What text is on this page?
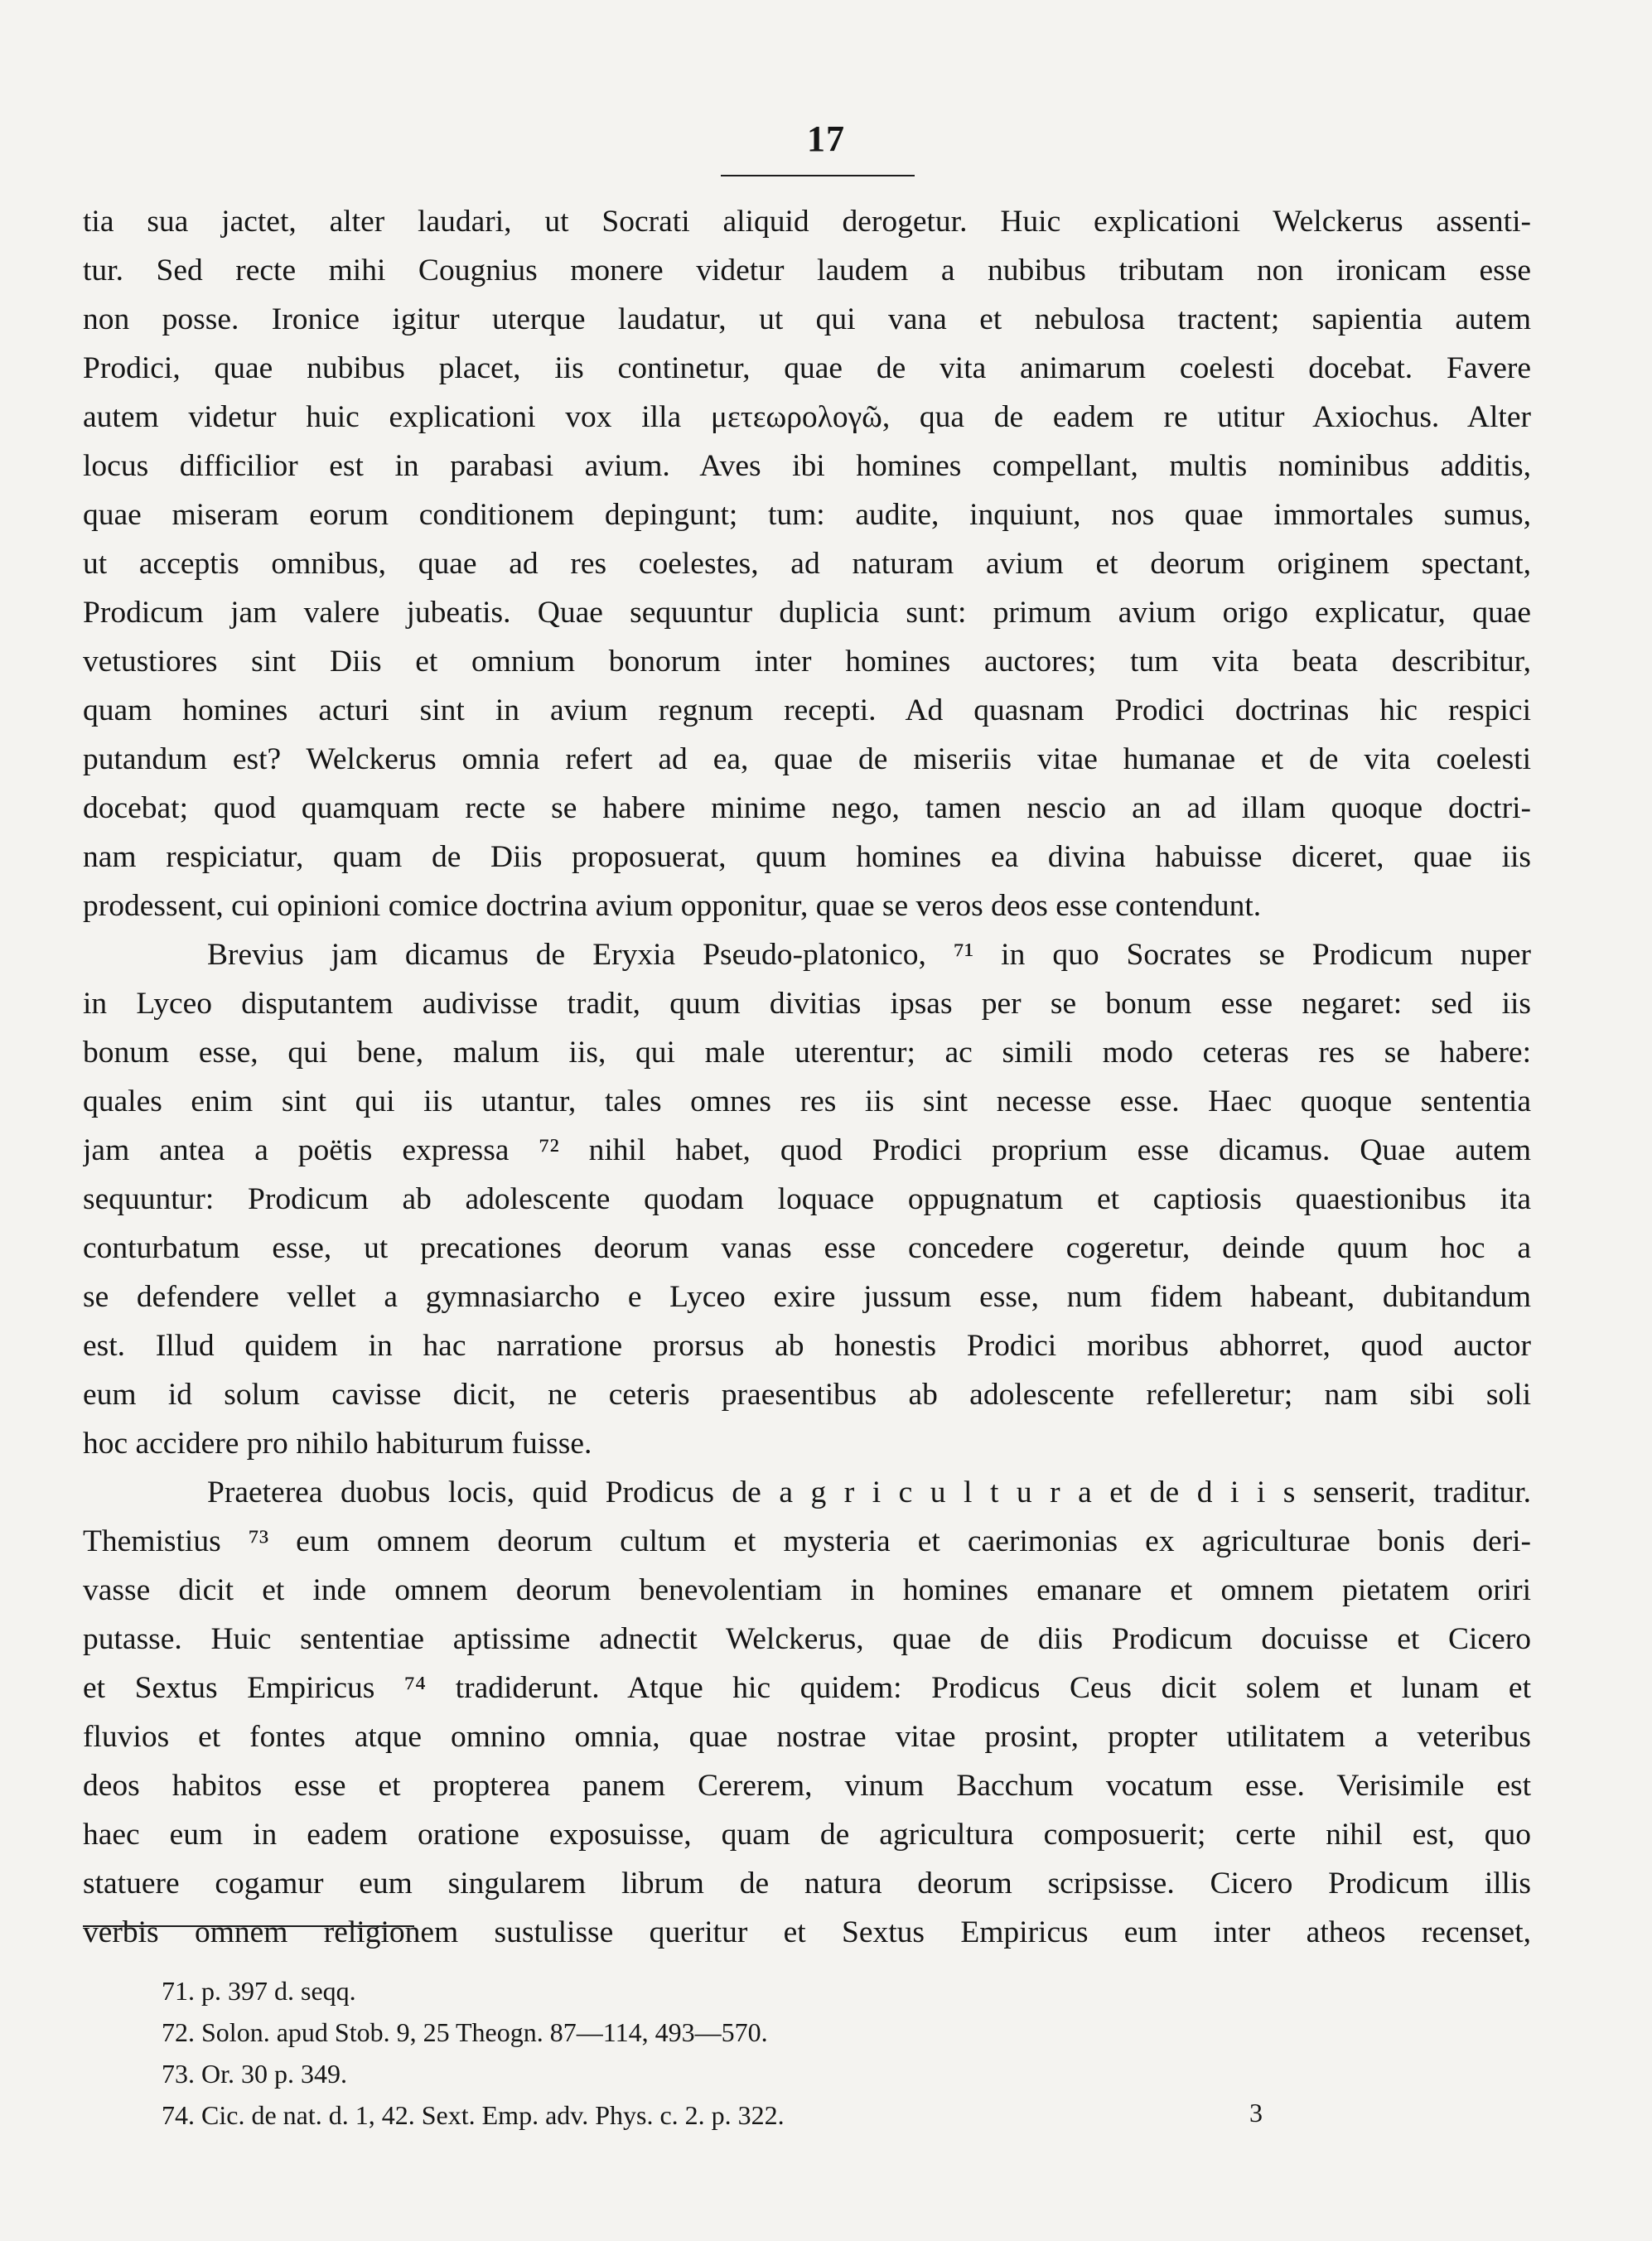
17
tia sua jactet, alter laudari, ut Socrati aliquid derogetur. Huic explicationi Welckerus assenti-
tur. Sed recte mihi Cougnius monere videtur laudem a nubibus tributam non ironicam esse
non posse. Ironice igitur uterque laudatur, ut qui vana et nebulosa tractent; sapientia autem
Prodici, quae nubibus placet, iis continetur, quae de vita animarum coelesti docebat. Favere
autem videtur huic explicationi vox illa μετεωρολογῶ, qua de eadem re utitur Axiochus. Alter
locus difficilior est in parabasi avium. Aves ibi homines compellant, multis nominibus additis,
quae miseram eorum conditionem depingunt; tum: audite, inquiunt, nos quae immortales sumus,
ut acceptis omnibus, quae ad res coelestes, ad naturam avium et deorum originem spectant,
Prodicum jam valere jubeatis. Quae sequuntur duplicia sunt: primum avium origo explicatur, quae
vetustiores sint Diis et omnium bonorum inter homines auctores; tum vita beata describitur,
quam homines acturi sint in avium regnum recepti. Ad quasnam Prodici doctrinas hic respici
putandum est? Welckerus omnia refert ad ea, quae de miseriis vitae humanae et de vita coelesti
docebat; quod quamquam recte se habere minime nego, tamen nescio an ad illam quoque doctri-
nam respiciatur, quam de Diis proposuerat, quum homines ea divina habuisse diceret, quae iis
prodessent, cui opinioni comice doctrina avium opponitur, quae se veros deos esse contendunt.
Brevius jam dicamus de Eryxia Pseudo-platonico, ⁷¹ in quo Socrates se Prodicum nuper
in Lyceo disputantem audivisse tradit, quum divitias ipsas per se bonum esse negaret: sed iis
bonum esse, qui bene, malum iis, qui male uterentur; ac simili modo ceteras res se habere:
quales enim sint qui iis utantur, tales omnes res iis sint necesse esse. Haec quoque sententia
jam antea a poëtis expressa ⁷² nihil habet, quod Prodici proprium esse dicamus. Quae autem
sequuntur: Prodicum ab adolescente quodam loquace oppugnatum et captiosis quaestionibus ita
conturbatum esse, ut precationes deorum vanas esse concedere cogeretur, deinde quum hoc a
se defendere vellet a gymnasiarcho e Lyceo exire jussum esse, num fidem habeant, dubitandum
est. Illud quidem in hac narratione prorsus ab honestis Prodici moribus abhorret, quod auctor
eum id solum cavisse dicit, ne ceteris praesentibus ab adolescente refelleretur; nam sibi soli
hoc accidere pro nihilo habiturum fuisse.
Praeterea duobus locis, quid Prodicus de a g r i c u l t u r a et de d i i s senserit, traditur.
Themistius ⁷³ eum omnem deorum cultum et mysteria et caerimonias ex agriculturae bonis deri-
vasse dicit et inde omnem deorum benevolentiam in homines emanare et omnem pietatem oriri
putasse. Huic sententiae aptissime adnectit Welckerus, quae de diis Prodicum docuisse et Cicero
et Sextus Empiricus ⁷⁴ tradiderunt. Atque hic quidem: Prodicus Ceus dicit solem et lunam et
fluvios et fontes atque omnino omnia, quae nostrae vitae prosint, propter utilitatem a veteribus
deos habitos esse et propterea panem Cererem, vinum Bacchum vocatum esse. Verisimile est
haec eum in eadem oratione exposuisse, quam de agricultura composuerit; certe nihil est, quo
statuere cogamur eum singularem librum de natura deorum scripsisse. Cicero Prodicum illis
verbis omnem religionem sustulisse queritur et Sextus Empiricus eum inter atheos recenset,
71. p. 397 d. seqq.
72. Solon. apud Stob. 9, 25 Theogn. 87—114, 493—570.
73. Or. 30 p. 349.
74. Cic. de nat. d. 1, 42. Sext. Emp. adv. Phys. c. 2. p. 322.	3
